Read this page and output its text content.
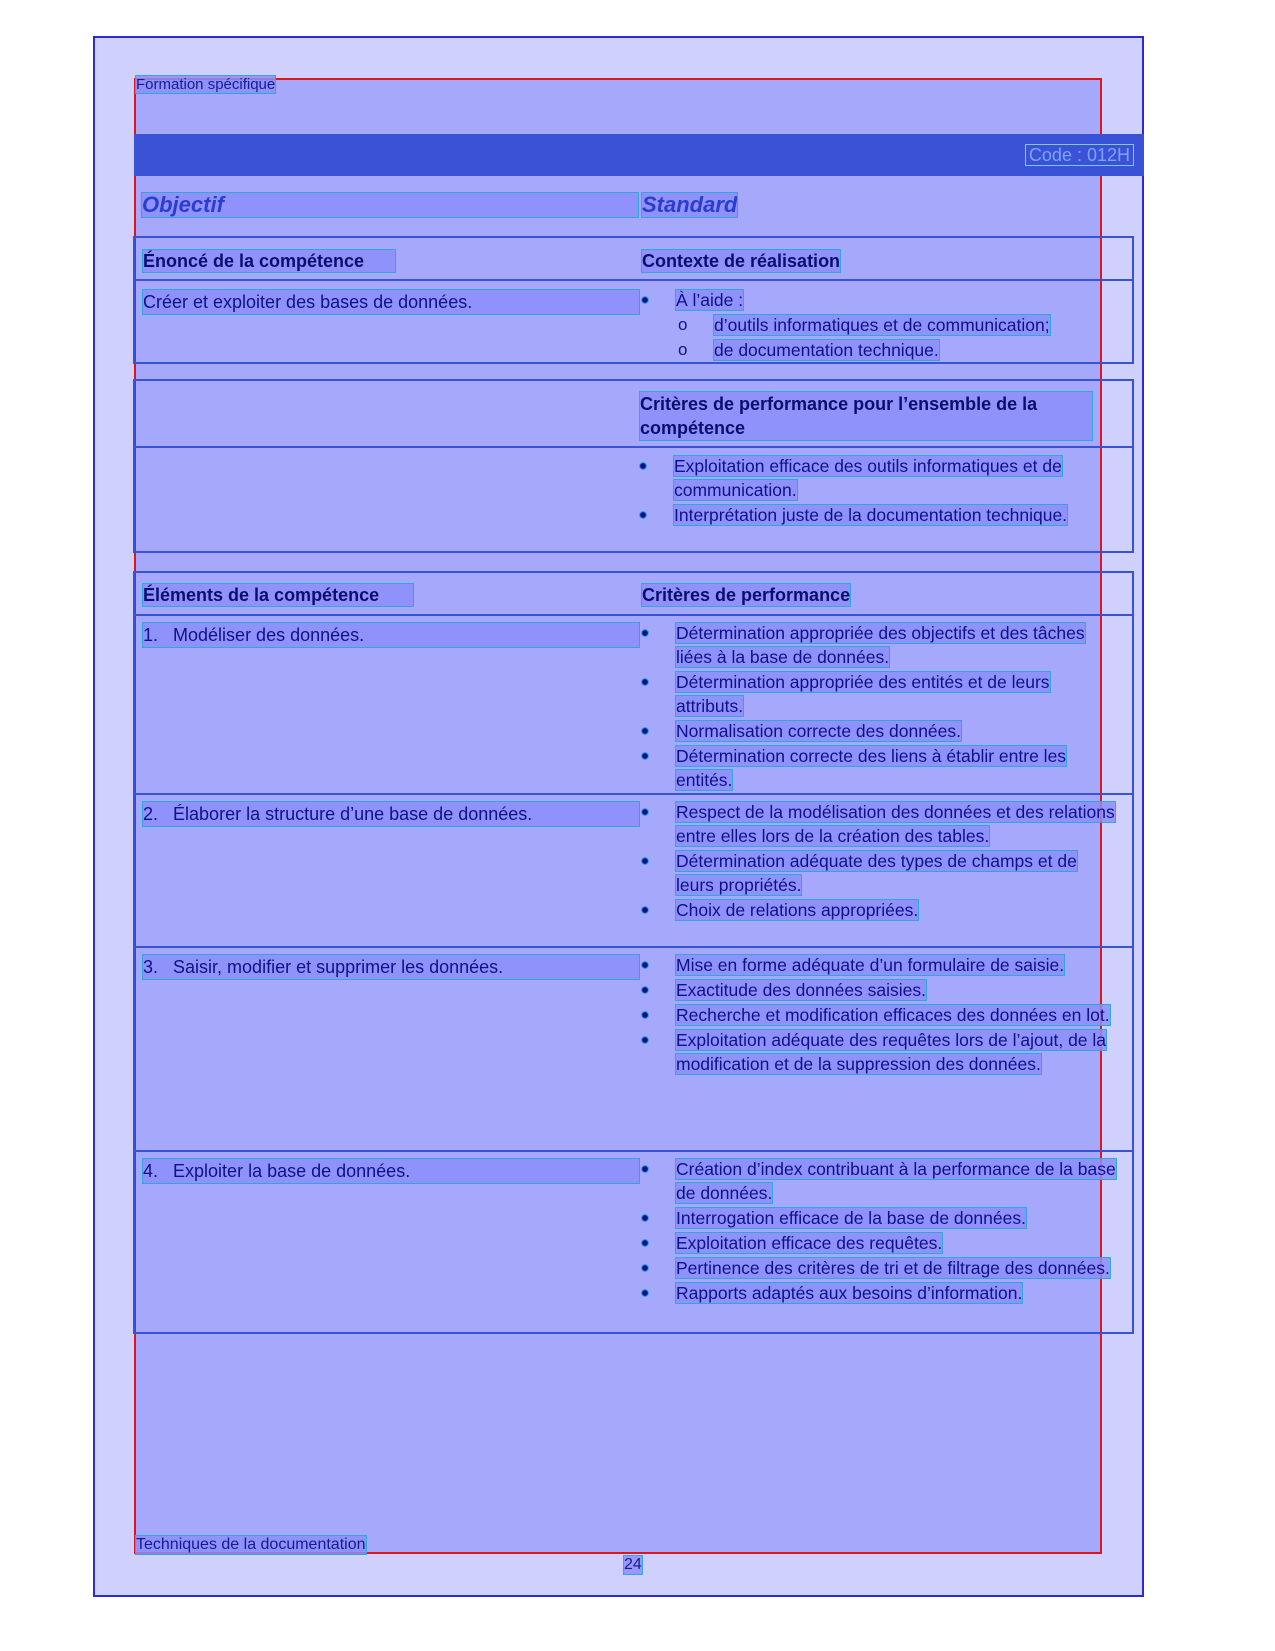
Formation spécifique
Code : 012H
Objectif	Standard
Énoncé de la compétence	Contexte de réalisation
Créer et exploiter des bases de données.	À l’aide :
o d’outils informatiques et de communication;
o de documentation technique.
Critères de performance pour l’ensemble de la compétence
Exploitation efficace des outils informatiques et de communication.
Interprétation juste de la documentation technique.
Éléments de la compétence	Critères de performance
1. Modéliser des données.	Détermination appropriée des objectifs et des tâches liées à la base de données.
Détermination appropriée des entités et de leurs attributs.
Normalisation correcte des données.
Détermination correcte des liens à établir entre les entités.
2. Élaborer la structure d’une base de données.	Respect de la modélisation des données et des relations entre elles lors de la création des tables.
Détermination adéquate des types de champs et de leurs propriétés.
Choix de relations appropriées.
3. Saisir, modifier et supprimer les données.	Mise en forme adéquate d’un formulaire de saisie.
Exactitude des données saisies.
Recherche et modification efficaces des données en lot.
Exploitation adéquate des requêtes lors de l’ajout, de la modification et de la suppression des données.
4. Exploiter la base de données.	Création d’index contribuant à la performance de la base de données.
Interrogation efficace de la base de données.
Exploitation efficace des requêtes.
Pertinence des critères de tri et de filtrage des données.
Rapports adaptés aux besoins d’information.
Techniques de la documentation
24
